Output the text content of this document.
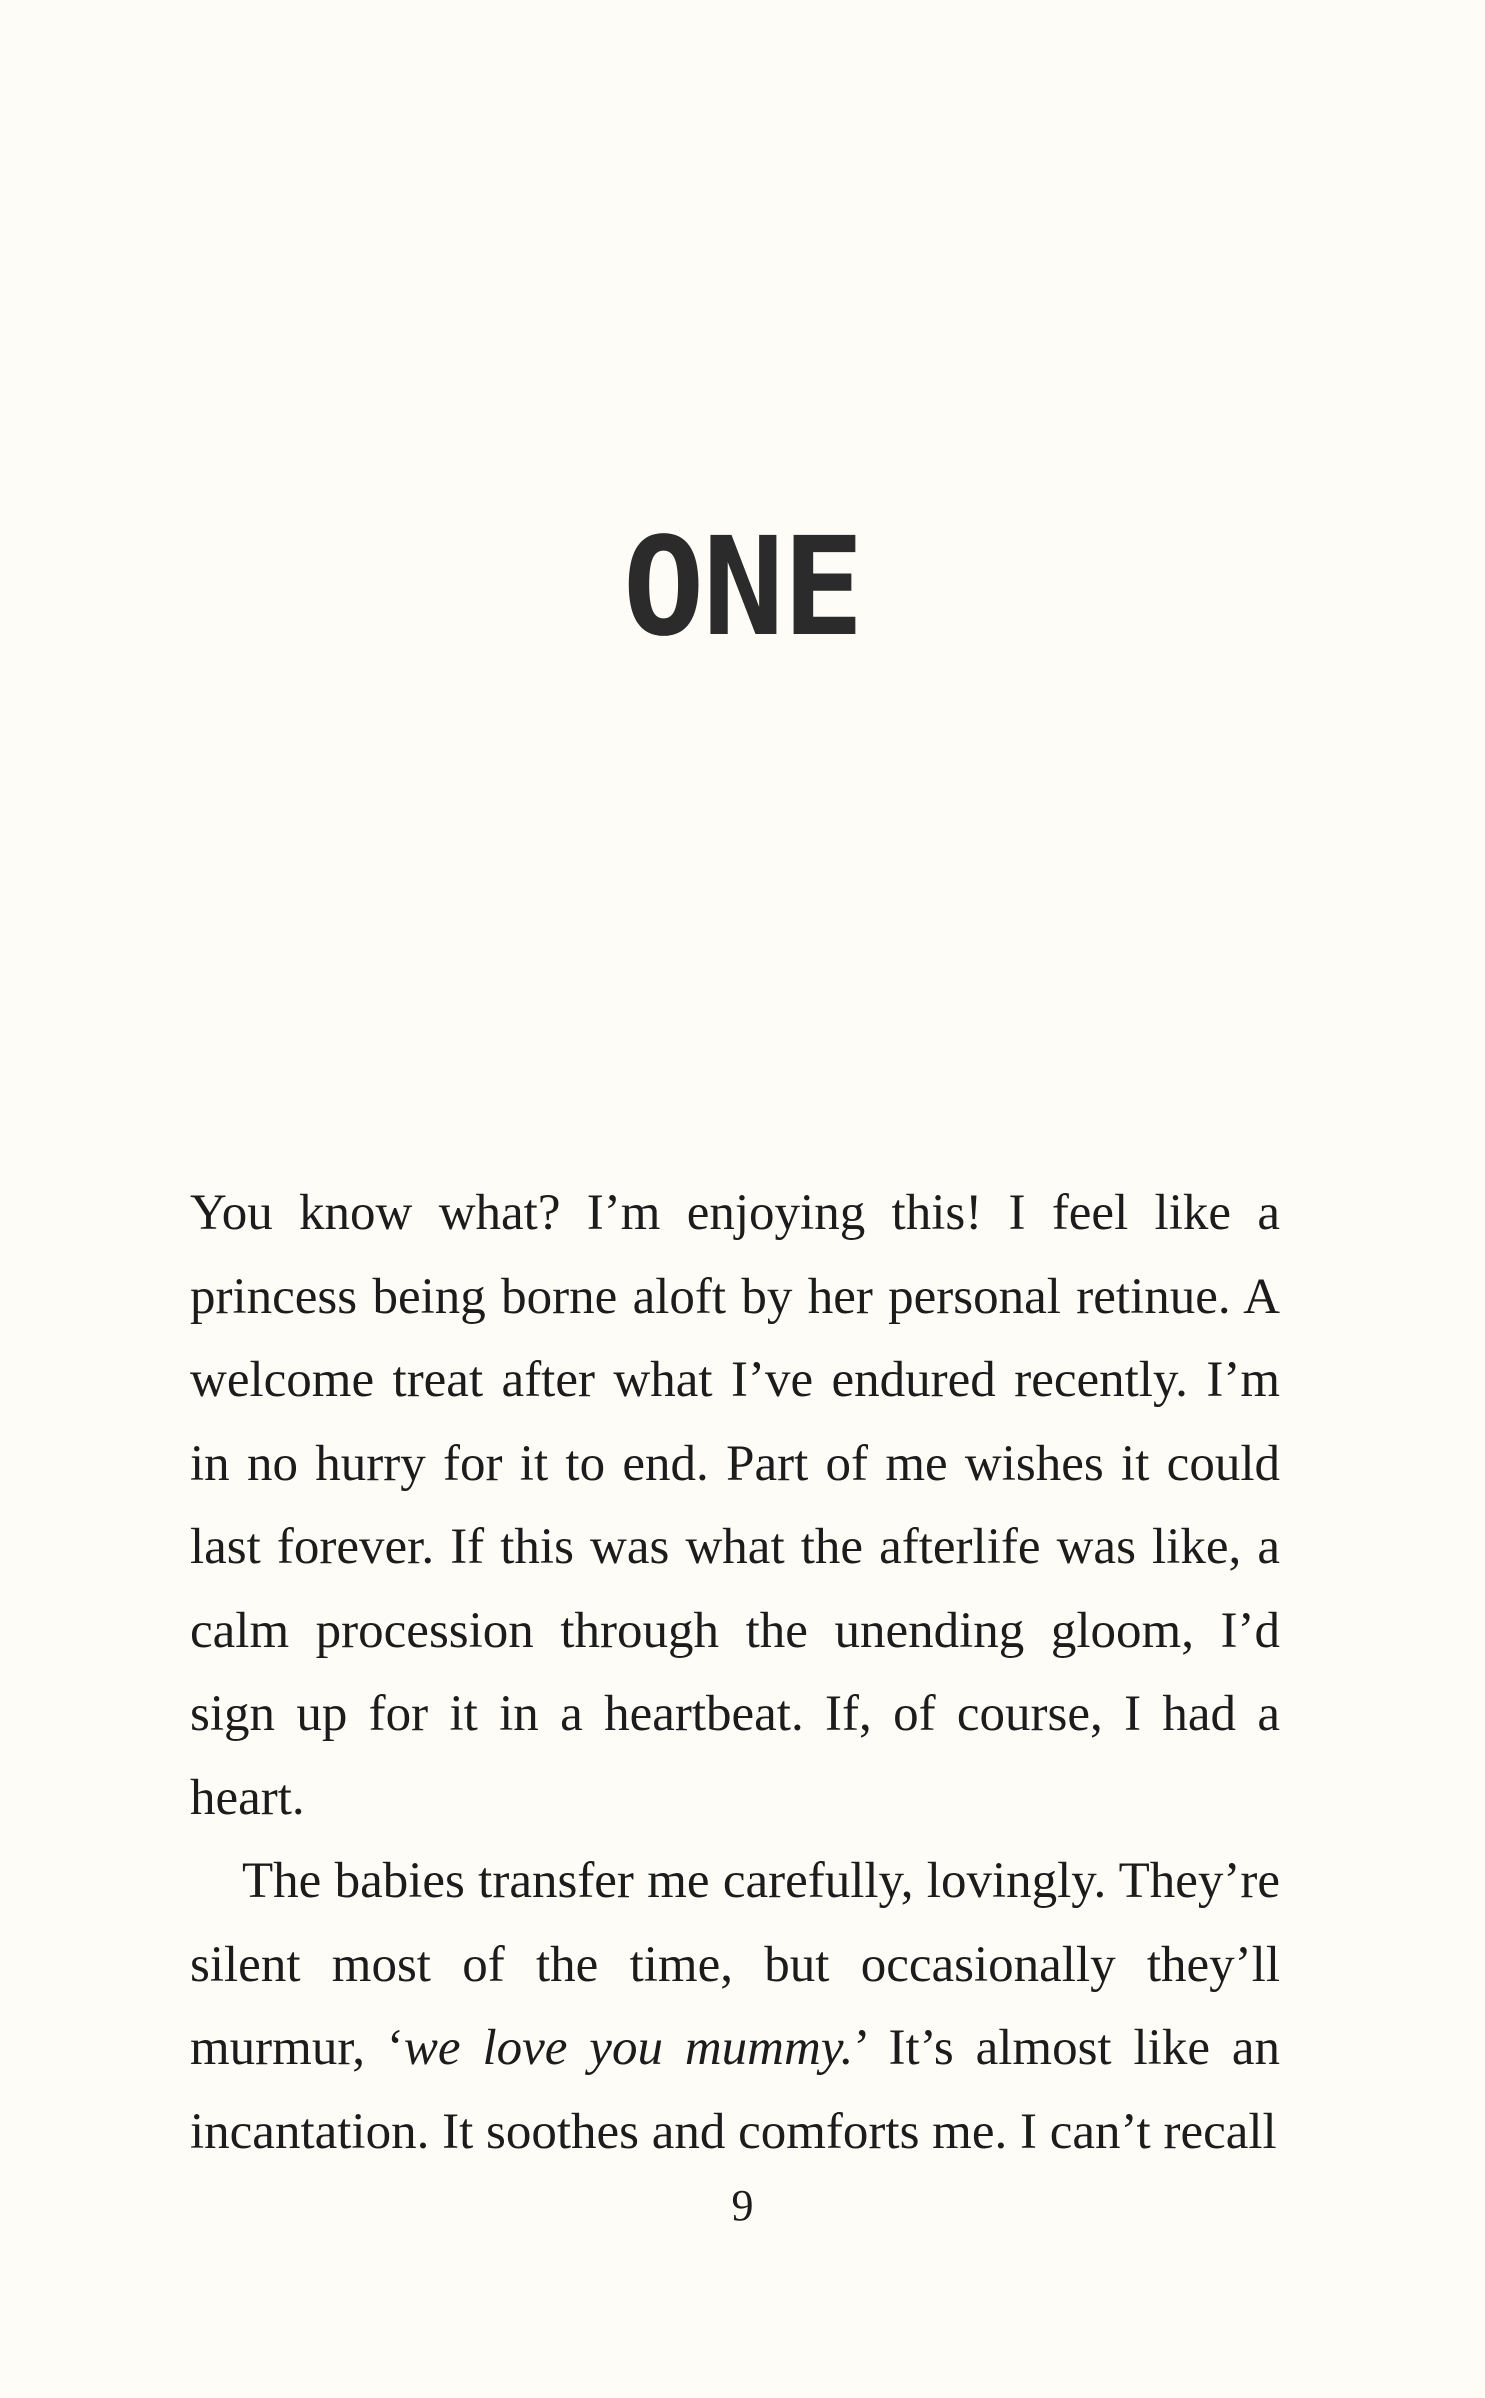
ONE

You know what? I’m enjoying this! I feel like a princess being borne aloft by her personal retinue. A welcome treat after what I’ve endured recently. I’m in no hurry for it to end. Part of me wishes it could last forever. If this was what the afterlife was like, a calm procession through the unending gloom, I’d sign up for it in a heartbeat. If, of course, I had a heart.

The babies transfer me carefully, lovingly. They’re silent most of the time, but occasionally they’ll murmur, ‘we love you mummy.’ It’s almost like an incantation. It soothes and comforts me. I can’t recall

9
